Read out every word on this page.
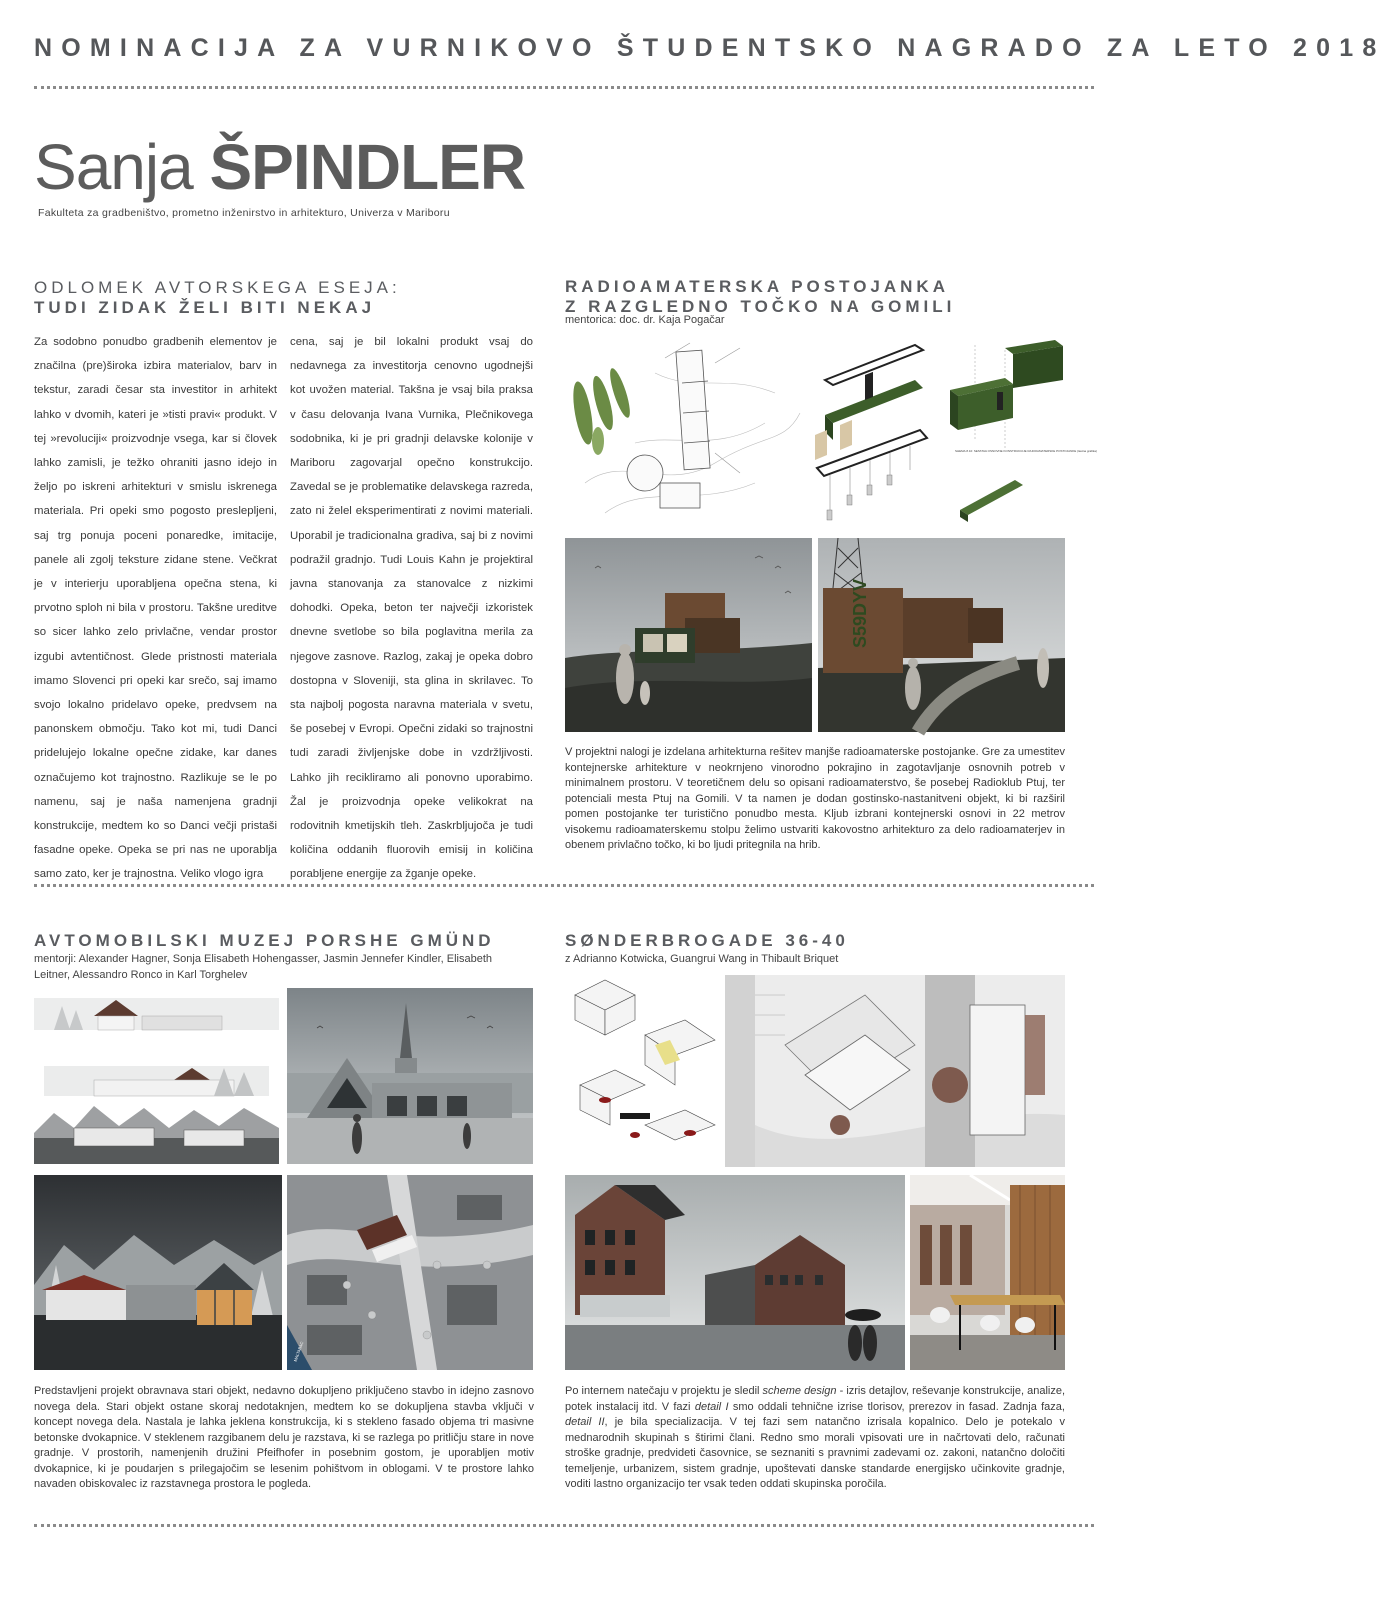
NOMINACIJA ZA VURNIKOVO ŠTUDENTSKO NAGRADO ZA LETO 2018
Sanja ŠPINDLER
Fakulteta za gradbeništvo, prometno inženirstvo in arhitekturo, Univerza v Mariboru
ODLOMEK AVTORSKEGA ESEJA:
TUDI ZIDAK ŽELI BITI NEKAJ
Za sodobno ponudbo gradbenih elementov je značilna (pre)široka izbira materialov, barv in tekstur, zaradi česar sta investitor in arhitekt lahko v dvomih, kateri je »tisti pravi« produkt. V tej »revoluciji« proizvodnje vsega, kar si človek lahko zamisli, je težko ohraniti jasno idejo in željo po iskreni arhitekturi v smislu iskrenega materiala. Pri opeki smo pogosto preslepljeni, saj trg ponuja poceni ponaredke, imitacije, panele ali zgolj teksture zidane stene. Večkrat je v interierju uporabljena opečna stena, ki prvotno sploh ni bila v prostoru. Takšne ureditve so sicer lahko zelo privlačne, vendar prostor izgubi avtentičnost. Glede pristnosti materiala imamo Slovenci pri opeki kar srečo, saj imamo svojo lokalno pridelavo opeke, predvsem na panonskem območju. Tako kot mi, tudi Danci pridelujejo lokalne opečne zidake, kar danes označujemo kot trajnostno. Razlikuje se le po namenu, saj je naša namenjena gradnji konstrukcije, medtem ko so Danci večji pristaši fasadne opeke. Opeka se pri nas ne uporablja samo zato, ker je trajnostna. Veliko vlogo igra
cena, saj je bil lokalni produkt vsaj do nedavnega za investitorja cenovno ugodnejši kot uvožen material. Takšna je vsaj bila praksa v času delovanja Ivana Vurnika, Plečnikovega sodobnika, ki je pri gradnji delavske kolonije v Mariboru zagovarjal opečno konstrukcijo. Zavedal se je problematike delavskega razreda, zato ni želel eksperimentirati z novimi materiali. Uporabil je tradicionalna gradiva, saj bi z novimi podražil gradnjo. Tudi Louis Kahn je projektiral javna stanovanja za stanovalce z nizkimi dohodki. Opeka, beton ter največji izkoristek dnevne svetlobe so bila poglavitna merila za njegove zasnove. Razlog, zakaj je opeka dobro dostopna v Sloveniji, sta glina in skrilavec. To sta najbolj pogosta naravna materiala v svetu, še posebej v Evropi. Opečni zidaki so trajnostni tudi zaradi življenjske dobe in vzdržljivosti. Lahko jih recikliramo ali ponovno uporabimo. Žal je proizvodnja opeke velikokrat na rodovitnih kmetijskih tleh. Zaskrbljujoča je tudi količina oddanih fluorovih emisij in količina porabljene energije za žganje opeke.
RADIOAMATERSKA POSTOJANKA
Z RAZGLEDNO TOČKO NA GOMILI
mentorica: doc. dr. Kaja Pogačar
SHEMA 8.10: SESTAVA OSNOVNE KONSTRUKCIJE RADIOAMATERSKE POSTOJANKE (lastna grafika)
S59DYV
V projektni nalogi je izdelana arhitekturna rešitev manjše radioamaterske postojanke. Gre za umestitev kontejnerske arhitekture v neokrnjeno vinorodno pokrajino in zagotavljanje osnovnih potreb v minimalnem prostoru. V teoretičnem delu so opisani radioamaterstvo, še posebej Radioklub Ptuj, ter potenciali mesta Ptuj na Gomili. V ta namen je dodan gostinsko-nastanitveni objekt, ki bi razširil pomen postojanke ter turistično ponudbo mesta. Kljub izbrani kontejnerski osnovi in 22 metrov visokemu radioamaterskemu stolpu želimo ustvariti kakovostno arhitekturo za delo radioamaterjev in obenem privlačno točko, ki bo ljudi pritegnila na hrib.
AVTOMOBILSKI MUZEJ PORSHE GMÜND
mentorji: Alexander Hagner, Sonja Elisabeth Hohengasser, Jasmin Jennefer Kindler, Elisabeth Leitner, Alessandro Ronco in Karl Torghelev
MALTABAC
Predstavljeni projekt obravnava stari objekt, nedavno dokupljeno priključeno stavbo in idejno zasnovo novega dela. Stari objekt ostane skoraj nedotaknjen, medtem ko se dokupljena stavba vključi v koncept novega dela. Nastala je lahka jeklena konstrukcija, ki s stekleno fasado objema tri masivne betonske dvokapnice. V steklenem razgibanem delu je razstava, ki se razlega po pritličju stare in nove gradnje. V prostorih, namenjenih družini Pfeifhofer in posebnim gostom, je uporabljen motiv dvokapnice, ki je poudarjen s prilegajočim se lesenim pohištvom in oblogami. V te prostore lahko navaden obiskovalec iz razstavnega prostora le pogleda.
SØNDERBROGADE 36-40
z Adrianno Kotwicka, Guangrui Wang in Thibault Briquet
Po internem natečaju v projektu je sledil scheme design - izris detajlov, reševanje konstrukcije, analize, potek instalacij itd. V fazi detail I smo oddali tehnične izrise tlorisov, prerezov in fasad. Zadnja faza, detail II, je bila specializacija. V tej fazi sem natančno izrisala kopalnico. Delo je potekalo v mednarodnih skupinah s štirimi člani. Redno smo morali vpisovati ure in načrtovati delo, računati stroške gradnje, predvideti časovnice, se seznaniti s pravnimi zadevami oz. zakoni, natančno določiti temeljenje, urbanizem, sistem gradnje, upoštevati danske standarde energijsko učinkovite gradnje, voditi lastno organizacijo ter vsak teden oddati skupinska poročila.
